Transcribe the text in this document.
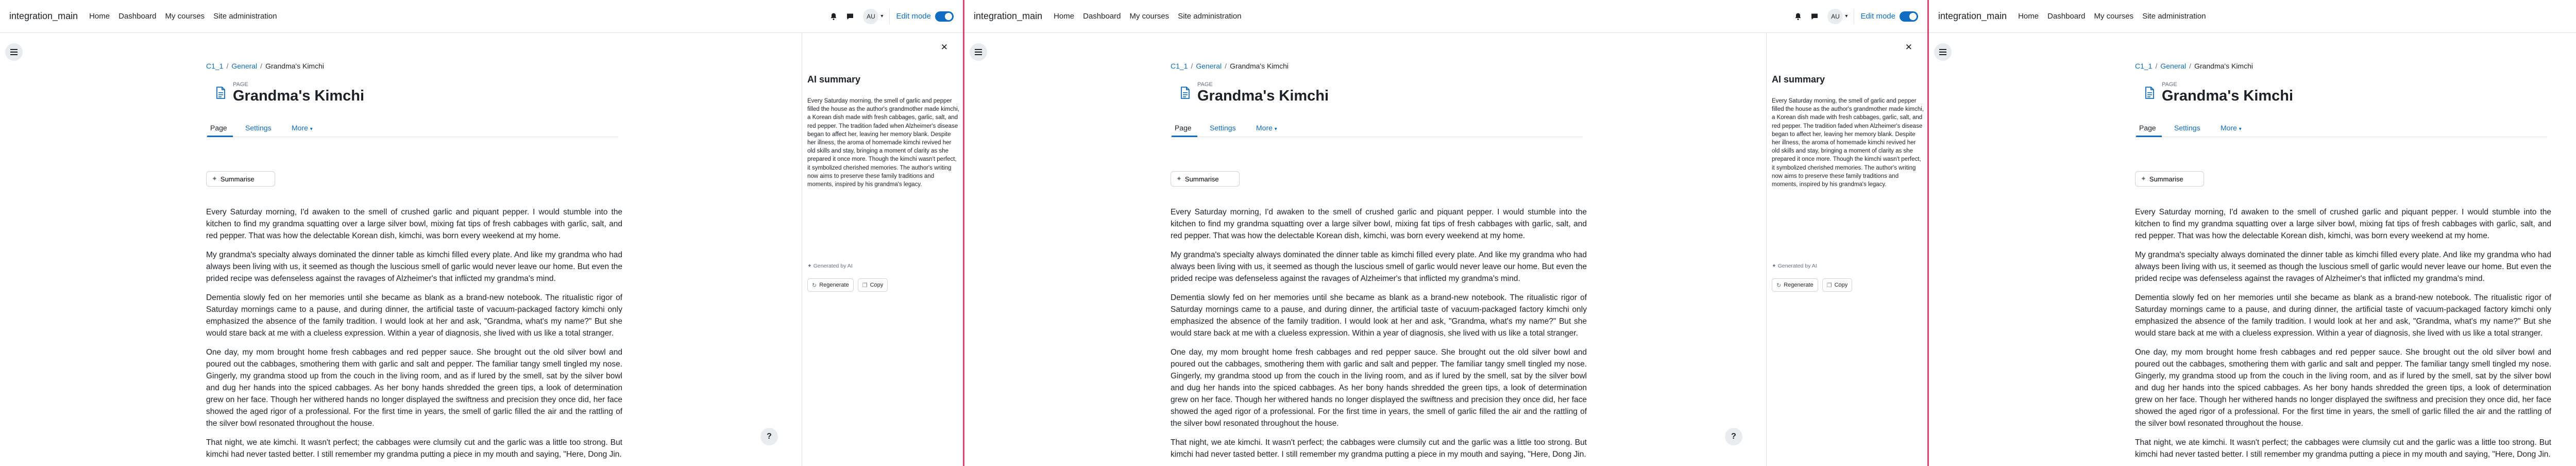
integration_main Home Dashboard My courses Site administration	AU	▾ Edit mode
C1_1 / General / Grandma's Kimchi
PAGE
Grandma's Kimchi
Page	Settings	More ▾
✦ Summarise

Every Saturday morning, I'd awaken to the smell of crushed garlic and piquant pepper. I would stumble into the kitchen to find my grandma squatting over a large silver bowl, mixing fat tips of fresh cabbages with garlic, salt, and red pepper. That was how the delectable Korean dish, kimchi, was born every weekend at my home.

My grandma's specialty always dominated the dinner table as kimchi filled every plate. And like my grandma who had always been living with us, it seemed as though the luscious smell of garlic would never leave our home. But even the prided recipe was defenseless against the ravages of Alzheimer's that inflicted my grandma's mind.

Dementia slowly fed on her memories until she became as blank as a brand-new notebook. The ritualistic rigor of Saturday mornings came to a pause, and during dinner, the artificial taste of vacuum-packaged factory kimchi only emphasized the absence of the family tradition. I would look at her and ask, "Grandma, what's my name?" But she would stare back at me with a clueless expression. Within a year of diagnosis, she lived with us like a total stranger.

One day, my mom brought home fresh cabbages and red pepper sauce. She brought out the old silver bowl and poured out the cabbages, smothering them with garlic and salt and pepper. The familiar tangy smell tingled my nose. Gingerly, my grandma stood up from the couch in the living room, and as if lured by the smell, sat by the silver bowl and dug her hands into the spiced cabbages. As her bony hands shredded the green tips, a look of determination grew on her face. Though her withered hands no longer displayed the swiftness and precision they once did, her face showed the aged rigor of a professional. For the first time in years, the smell of garlic filled the air and the rattling of the silver bowl resonated throughout the house.

That night, we ate kimchi. It wasn't perfect; the cabbages were clumsily cut and the garlic was a little too strong. But kimchi had never tasted better. I still remember my grandma putting a piece in my mouth and saying, "Here, Dong Jin.

?
✕
AI summary
Every Saturday morning, the smell of garlic and pepper filled the house as the author's grandmother made kimchi, a Korean dish made with fresh cabbages, garlic, salt, and red pepper. The tradition faded when Alzheimer's disease began to affect her, leaving her memory blank. Despite her illness, the aroma of homemade kimchi revived her old skills and stay, bringing a moment of clarity as she prepared it once more. Though the kimchi wasn't perfect, it symbolized cherished memories. The author's writing now aims to preserve these family traditions and moments, inspired by his grandma's legacy.
✦ Generated by AI
↻ Regenerate ❐ Copy
integration_main Home Dashboard My courses Site administration	AU	▾ Edit mode
C1_1 / General / Grandma's Kimchi
PAGE
Grandma's Kimchi
Page	Settings	More ▾
✦ Summarise

Every Saturday morning, I'd awaken to the smell of crushed garlic and piquant pepper. I would stumble into the kitchen to find my grandma squatting over a large silver bowl, mixing fat tips of fresh cabbages with garlic, salt, and red pepper. That was how the delectable Korean dish, kimchi, was born every weekend at my home.

My grandma's specialty always dominated the dinner table as kimchi filled every plate. And like my grandma who had always been living with us, it seemed as though the luscious smell of garlic would never leave our home. But even the prided recipe was defenseless against the ravages of Alzheimer's that inflicted my grandma's mind.

Dementia slowly fed on her memories until she became as blank as a brand-new notebook. The ritualistic rigor of Saturday mornings came to a pause, and during dinner, the artificial taste of vacuum-packaged factory kimchi only emphasized the absence of the family tradition. I would look at her and ask, "Grandma, what's my name?" But she would stare back at me with a clueless expression. Within a year of diagnosis, she lived with us like a total stranger.

One day, my mom brought home fresh cabbages and red pepper sauce. She brought out the old silver bowl and poured out the cabbages, smothering them with garlic and salt and pepper. The familiar tangy smell tingled my nose. Gingerly, my grandma stood up from the couch in the living room, and as if lured by the smell, sat by the silver bowl and dug her hands into the spiced cabbages. As her bony hands shredded the green tips, a look of determination grew on her face. Though her withered hands no longer displayed the swiftness and precision they once did, her face showed the aged rigor of a professional. For the first time in years, the smell of garlic filled the air and the rattling of the silver bowl resonated throughout the house.

That night, we ate kimchi. It wasn't perfect; the cabbages were clumsily cut and the garlic was a little too strong. But kimchi had never tasted better. I still remember my grandma putting a piece in my mouth and saying, "Here, Dong Jin.

?
✕
AI summary
Every Saturday morning, the smell of garlic and pepper filled the house as the author's grandmother made kimchi, a Korean dish made with fresh cabbages, garlic, salt, and red pepper. The tradition faded when Alzheimer's disease began to affect her, leaving her memory blank. Despite her illness, the aroma of homemade kimchi revived her old skills and stay, bringing a moment of clarity as she prepared it once more. Though the kimchi wasn't perfect, it symbolized cherished memories. The author's writing now aims to preserve these family traditions and moments, inspired by his grandma's legacy.
✦ Generated by AI
↻ Regenerate ❐ Copy
integration_main Home Dashboard My courses Site administration
C1_1 / General / Grandma's Kimchi
PAGE
Grandma's Kimchi
Page	Settings	More ▾
✦ Summarise

Every Saturday morning, I'd awaken to the smell of crushed garlic and piquant pepper. I would stumble into the kitchen to find my grandma squatting over a large silver bowl, mixing fat tips of fresh cabbages with garlic, salt, and red pepper. That was how the delectable Korean dish, kimchi, was born every weekend at my home.

My grandma's specialty always dominated the dinner table as kimchi filled every plate. And like my grandma who had always been living with us, it seemed as though the luscious smell of garlic would never leave our home. But even the prided recipe was defenseless against the ravages of Alzheimer's that inflicted my grandma's mind.

Dementia slowly fed on her memories until she became as blank as a brand-new notebook. The ritualistic rigor of Saturday mornings came to a pause, and during dinner, the artificial taste of vacuum-packaged factory kimchi only emphasized the absence of the family tradition. I would look at her and ask, "Grandma, what's my name?" But she would stare back at me with a clueless expression. Within a year of diagnosis, she lived with us like a total stranger.

One day, my mom brought home fresh cabbages and red pepper sauce. She brought out the old silver bowl and poured out the cabbages, smothering them with garlic and salt and pepper. The familiar tangy smell tingled my nose. Gingerly, my grandma stood up from the couch in the living room, and as if lured by the smell, sat by the silver bowl and dug her hands into the spiced cabbages. As her bony hands shredded the green tips, a look of determination grew on her face. Though her withered hands no longer displayed the swiftness and precision they once did, her face showed the aged rigor of a professional. For the first time in years, the smell of garlic filled the air and the rattling of the silver bowl resonated throughout the house.

That night, we ate kimchi. It wasn't perfect; the cabbages were clumsily cut and the garlic was a little too strong. But kimchi had never tasted better. I still remember my grandma putting a piece in my mouth and saying, "Here, Dong Jin.
